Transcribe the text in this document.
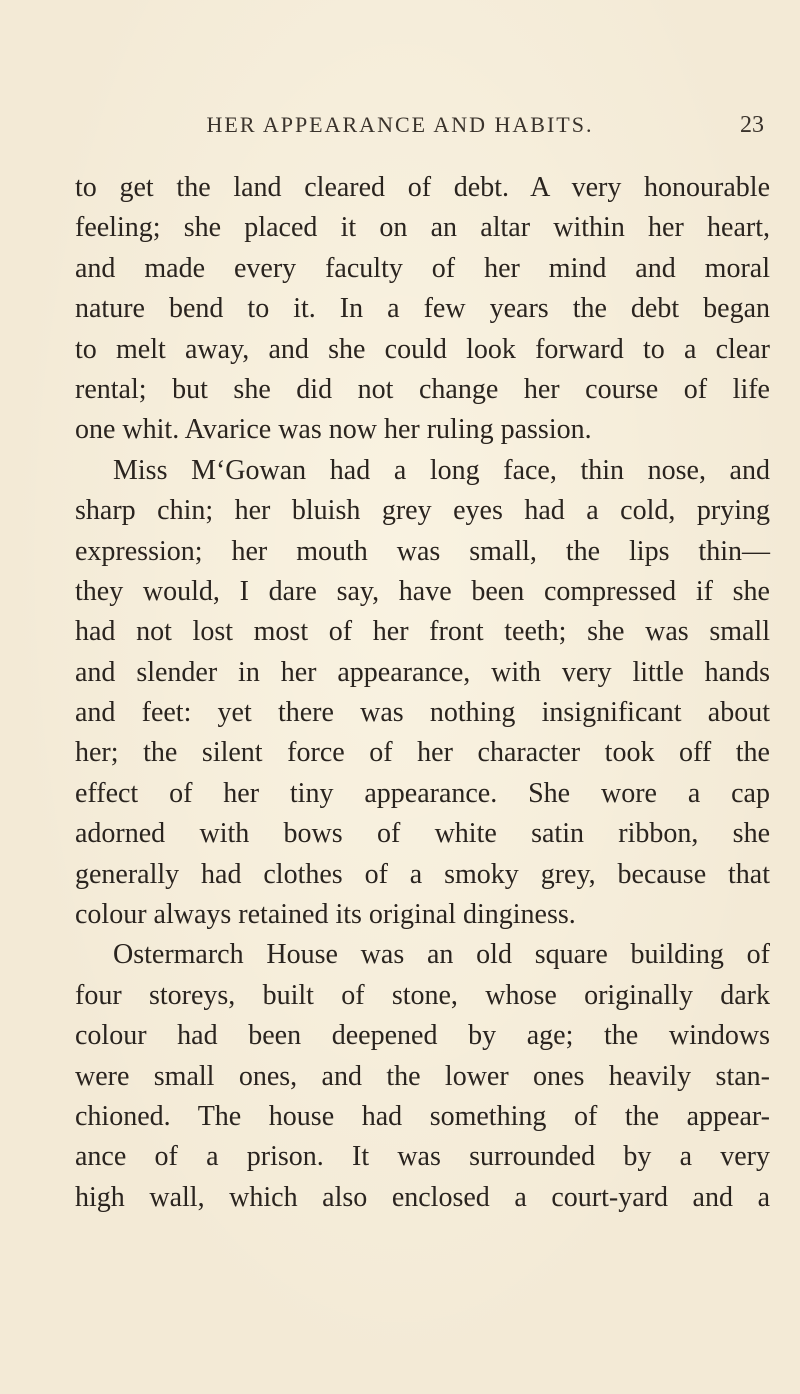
HER APPEARANCE AND HABITS.	23
to get the land cleared of debt. A very honourable
feeling; she placed it on an altar within her heart,
and made every faculty of her mind and moral
nature bend to it. In a few years the debt began
to melt away, and she could look forward to a clear
rental; but she did not change her course of life
one whit. Avarice was now her ruling passion.
Miss M‘Gowan had a long face, thin nose, and
sharp chin; her bluish grey eyes had a cold, prying
expression; her mouth was small, the lips thin—
they would, I dare say, have been compressed if she
had not lost most of her front teeth; she was small
and slender in her appearance, with very little hands
and feet: yet there was nothing insignificant about
her; the silent force of her character took off the
effect of her tiny appearance. She wore a cap
adorned with bows of white satin ribbon, she
generally had clothes of a smoky grey, because that
colour always retained its original dinginess.
Ostermarch House was an old square building of
four storeys, built of stone, whose originally dark
colour had been deepened by age; the windows
were small ones, and the lower ones heavily stan-
chioned. The house had something of the appear-
ance of a prison. It was surrounded by a very
high wall, which also enclosed a court-yard and a
